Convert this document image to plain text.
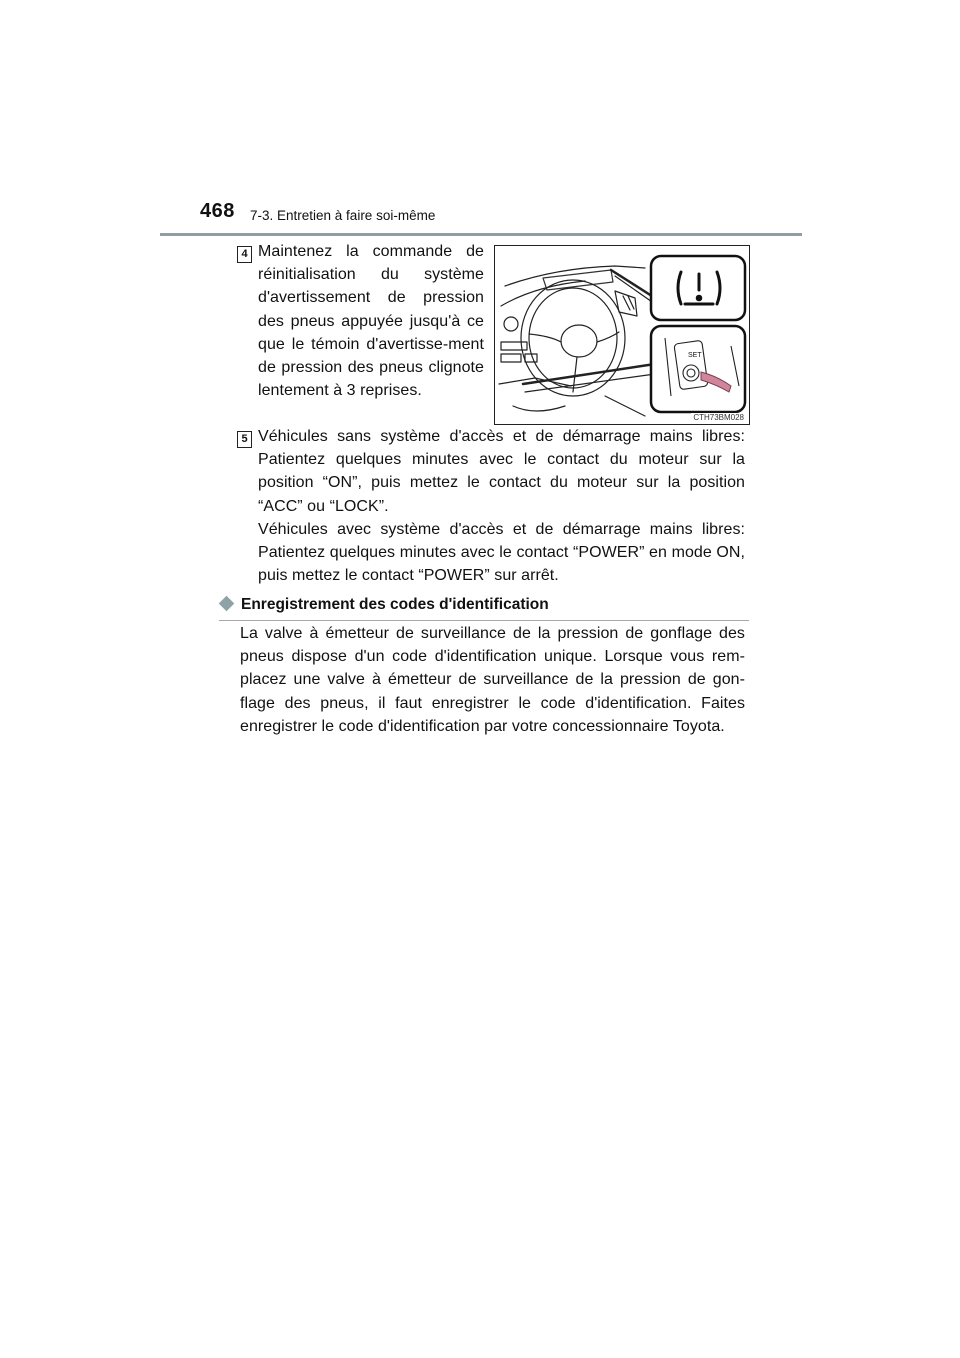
468 7-3. Entretien à faire soi-même
4 Maintenez la commande de réinitialisation du système d'avertissement de pression des pneus appuyée jusqu'à ce que le témoin d'avertisse-ment de pression des pneus clignote lentement à 3 reprises.
SET
CTH73BM028
5 Véhicules sans système d'accès et de démarrage mains libres: Patientez quelques minutes avec le contact du moteur sur la position “ON”, puis mettez le contact du moteur sur la position “ACC” ou “LOCK”.

Véhicules avec système d'accès et de démarrage mains libres: Patientez quelques minutes avec le contact “POWER” en mode ON, puis mettez le contact “POWER” sur arrêt.

Enregistrement des codes d'identification
La valve à émetteur de surveillance de la pression de gonflage des pneus dispose d'un code d'identification unique. Lorsque vous rem-placez une valve à émetteur de surveillance de la pression de gon-flage des pneus, il faut enregistrer le code d'identification. Faites enregistrer le code d'identification par votre concessionnaire Toyota.
